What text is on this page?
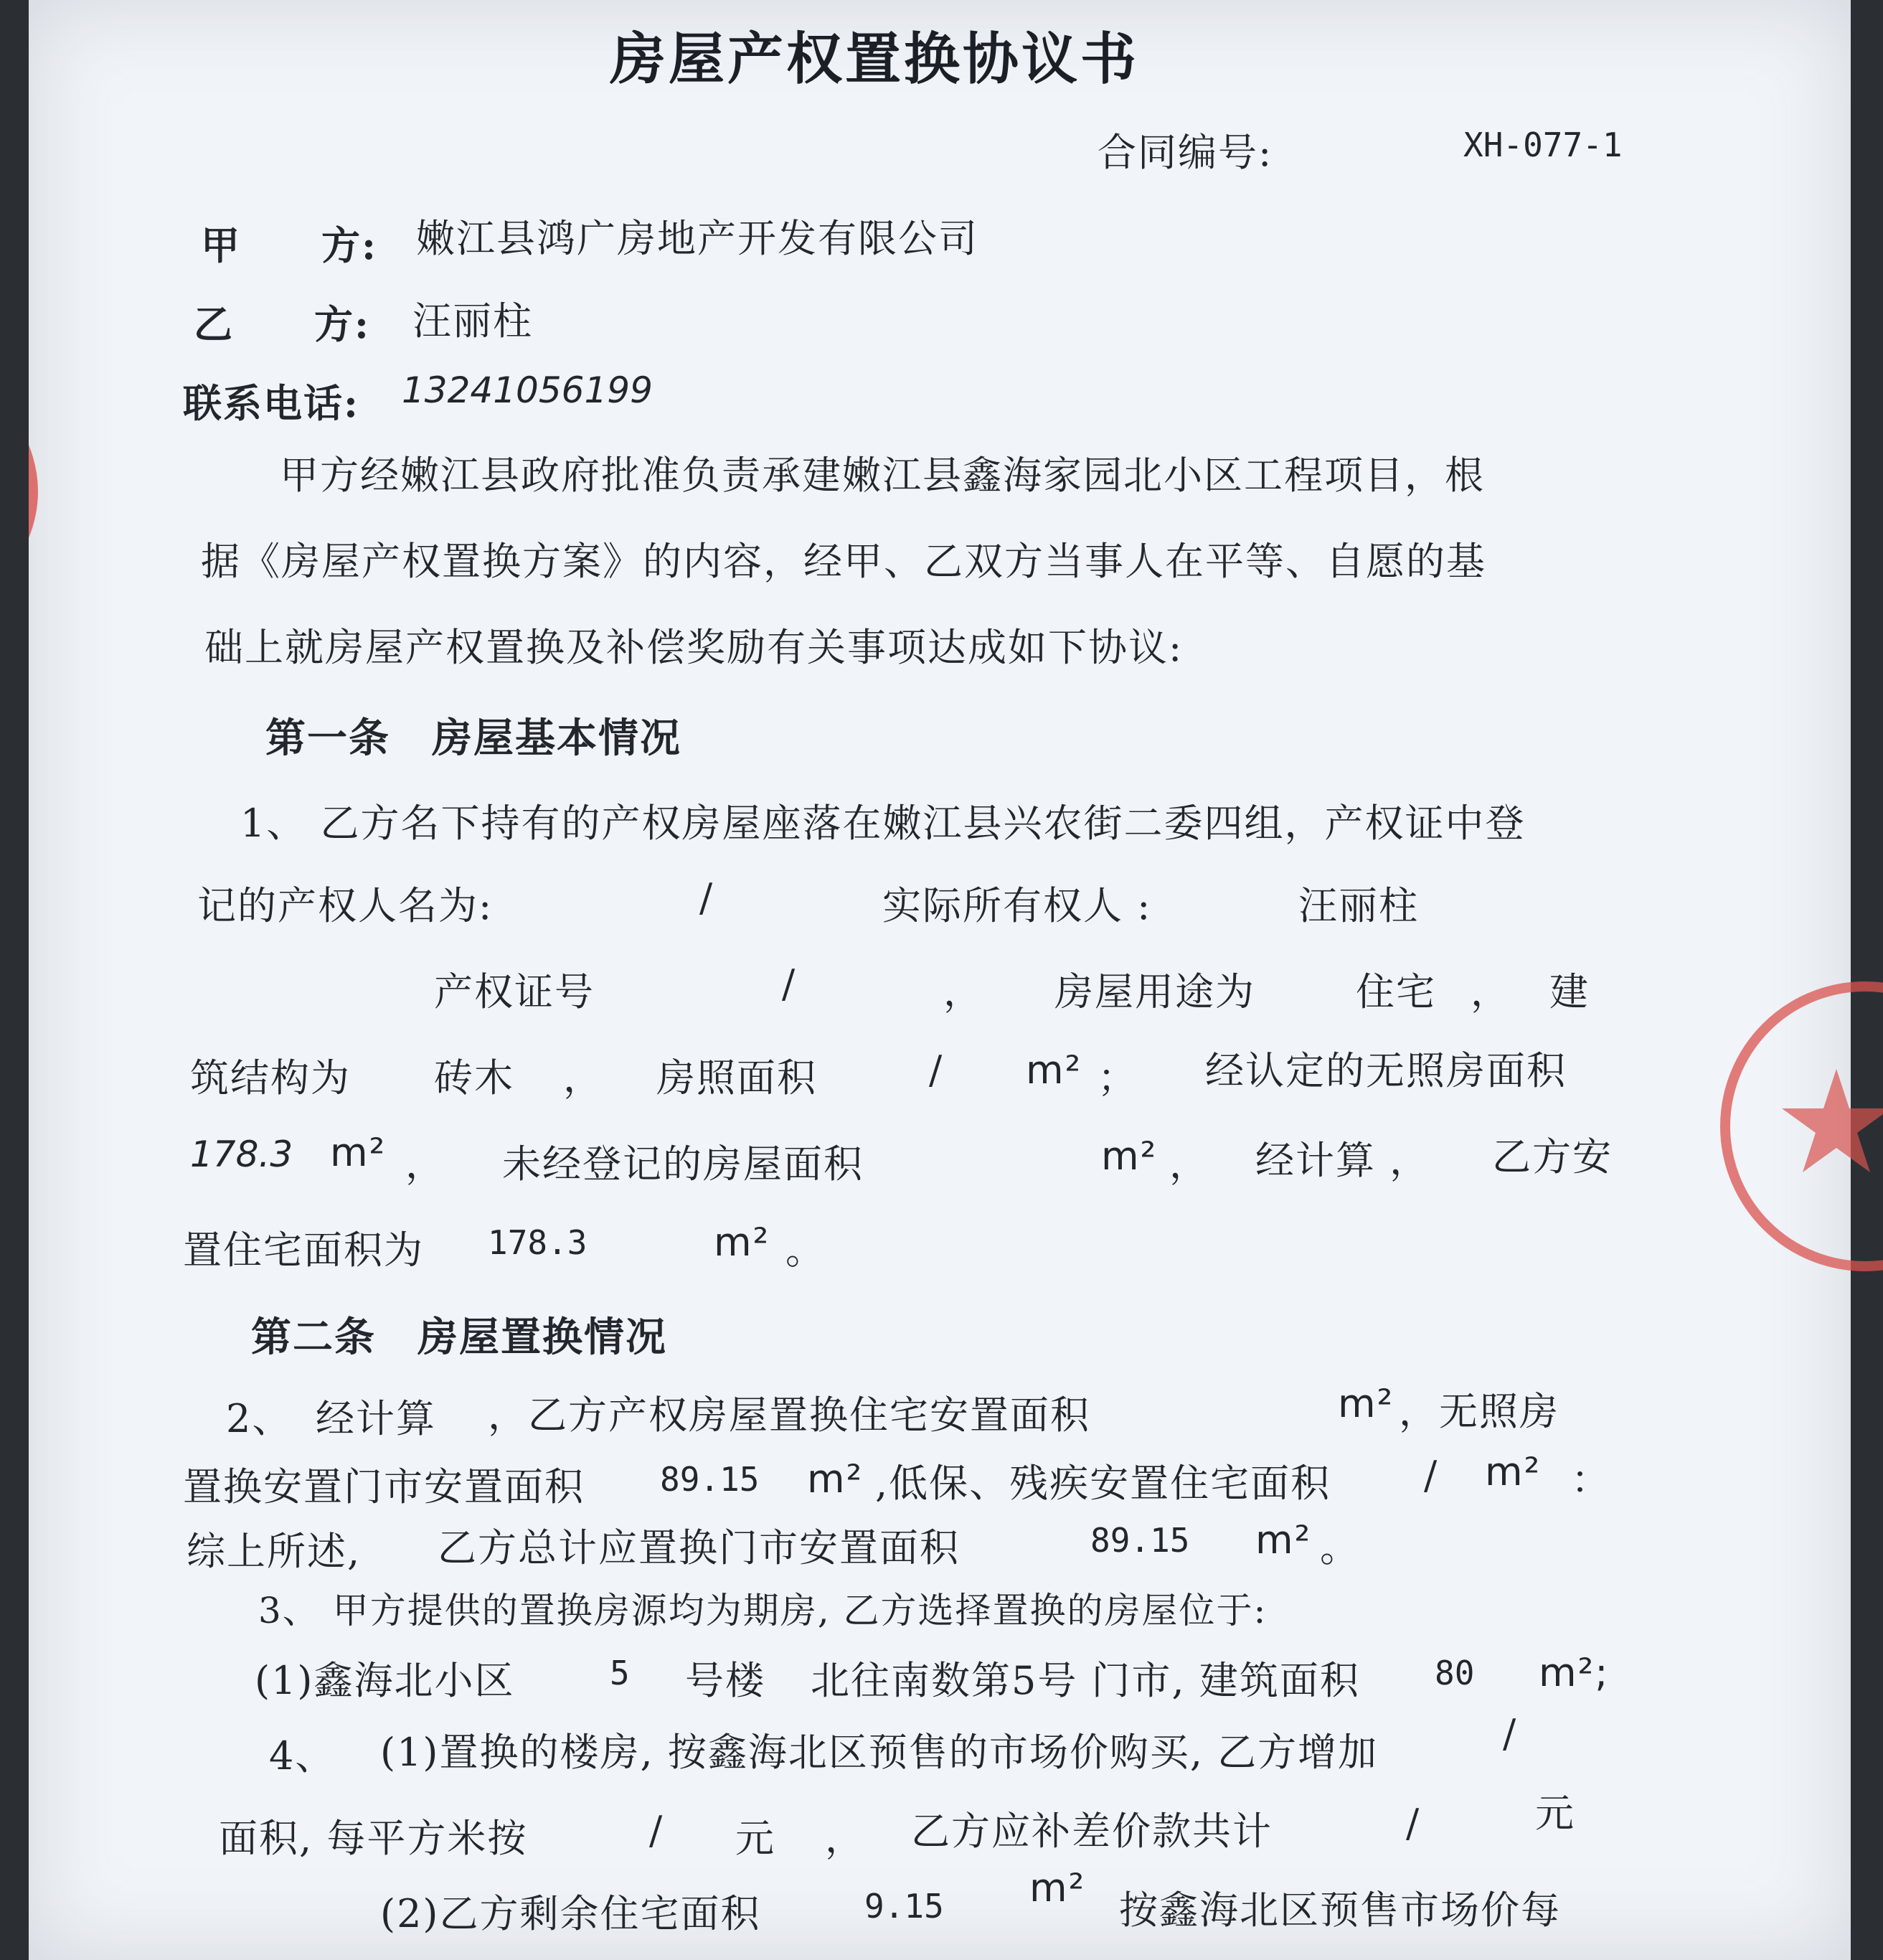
房屋产权置换协议书
合同编号:	XH-077-1
甲　　方: 嫩江县鸿广房地产开发有限公司
乙　　方: 汪丽柱
联系电话: 13241056199
甲方经嫩江县政府批准负责承建嫩江县鑫海家园北小区工程项目，根
据《房屋产权置换方案》的内容，经甲、乙双方当事人在平等、自愿的基
础上就房屋产权置换及补偿奖励有关事项达成如下协议:
第一条　房屋基本情况
1、 乙方名下持有的产权房屋座落在嫩江县兴农街二委四组，产权证中登
记的产权人名为:	/	实际所有权人 :	汪丽柱
产权证号	/	， 房屋用途为	住宅 ， 建
筑结构为 砖木 ， 房照面积	/ m² ； 经认定的无照房面积
178.3 m² ， 未经登记的房屋面积	m² ， 经计算 ， 乙方安
置住宅面积为 178.3	m² 。
第二条　房屋置换情况
2、 经计算 ，乙方产权房屋置换住宅安置面积	m² ，无照房
置换安置门市安置面积 89.15 m² ,低保、残疾安置住宅面积 / m² ：
综上所述, 乙方总计应置换门市安置面积	89.15 m² 。
3、 甲方提供的置换房源均为期房, 乙方选择置换的房屋位于:
(1)鑫海北小区	5 号楼 北往南数第5号 门市, 建筑面积 80 m²;
4、 (1)置换的楼房, 按鑫海北区预售的市场价购买, 乙方增加	/
面积, 每平方米按	/ 元 ， 乙方应补差价款共计	/	元
(2)乙方剩余住宅面积	9.15 m² 按鑫海北区预售市场价每
